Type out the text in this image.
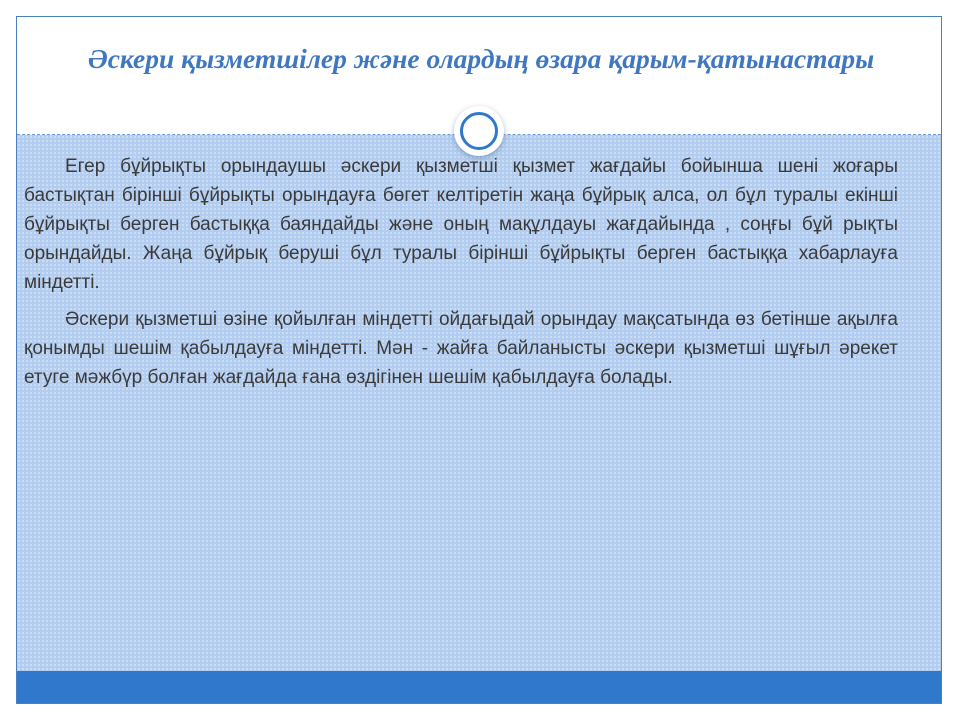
Әскери қызметшілер және олардың өзара қарым-қатынастары

Егер бұйрықты орындаушы әскери қызметші қызмет жағдайы бойынша шені жоғары бастықтан бірінші бұйрықты орындауға бөгет келтіретін жаңа бұйрық алса, ол бұл туралы екінші бұйрықты берген бастыққа баяндайды және оның мақұлдауы жағдайында , соңғы бұй рықты орындайды. Жаңа бұйрық беруші бұл туралы бірінші бұйрықты берген бастыққа хабарлауға міндетті.

Әскери қызметші өзіне қойылған міндетті ойдағыдай орындау мақсатында өз бетінше ақылға қонымды шешім қабылдауға міндетті. Мән - жайға байланысты әскери қызметші шұғыл әрекет етуге мәжбүр болған жағдайда ғана өздігінен шешім қабылдауға болады.
